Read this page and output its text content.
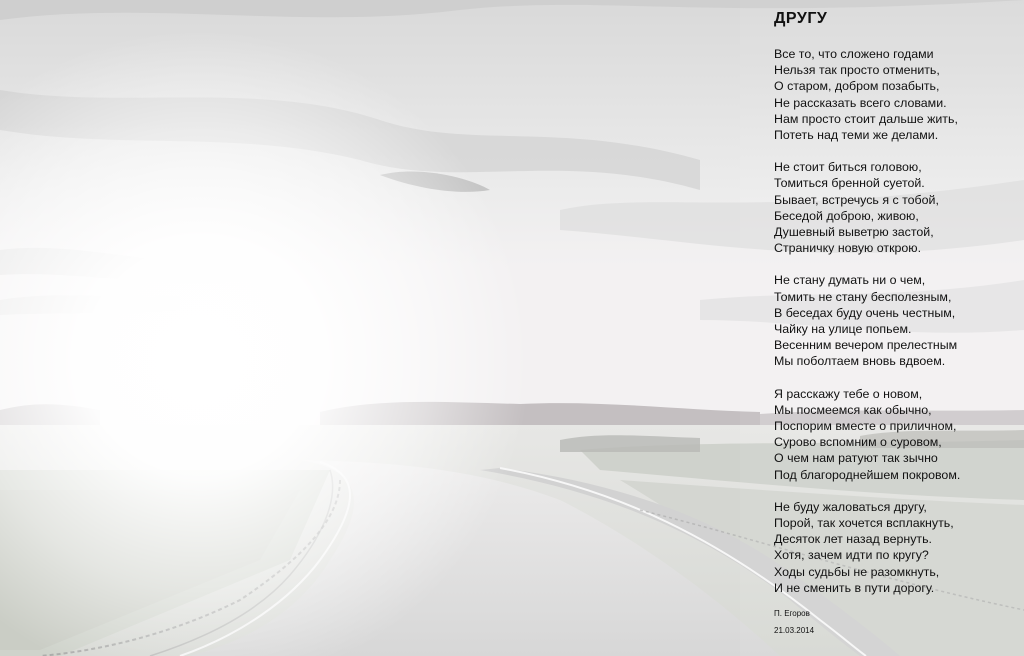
ДРУГУ
Все то, что сложено годами
Нельзя так просто отменить,
О старом, добром позабыть,
Не рассказать всего словами.
Нам просто стоит дальше жить,
Потеть над теми же делами.
Не стоит биться головою,
Томиться бренной суетой.
Бывает, встречусь я с тобой,
Беседой доброю, живою,
Душевный выветрю застой,
Страничку новую открою.
Не стану думать ни о чем,
Томить не стану бесполезным,
В беседах буду очень честным,
Чайку на улице попьем.
Весенним вечером прелестным
Мы поболтаем вновь вдвоем.
Я расскажу тебе о новом,
Мы посмеемся как обычно,
Поспорим вместе о приличном,
Сурово вспомним о суровом,
О чем нам ратуют так зычно
Под благороднейшем покровом.
Не буду жаловаться другу,
Порой, так хочется всплакнуть,
Десяток лет назад вернуть.
Хотя, зачем идти по кругу?
Ходы судьбы не разомкнуть,
И не сменить в пути дорогу.
П. Егоров
21.03.2014
